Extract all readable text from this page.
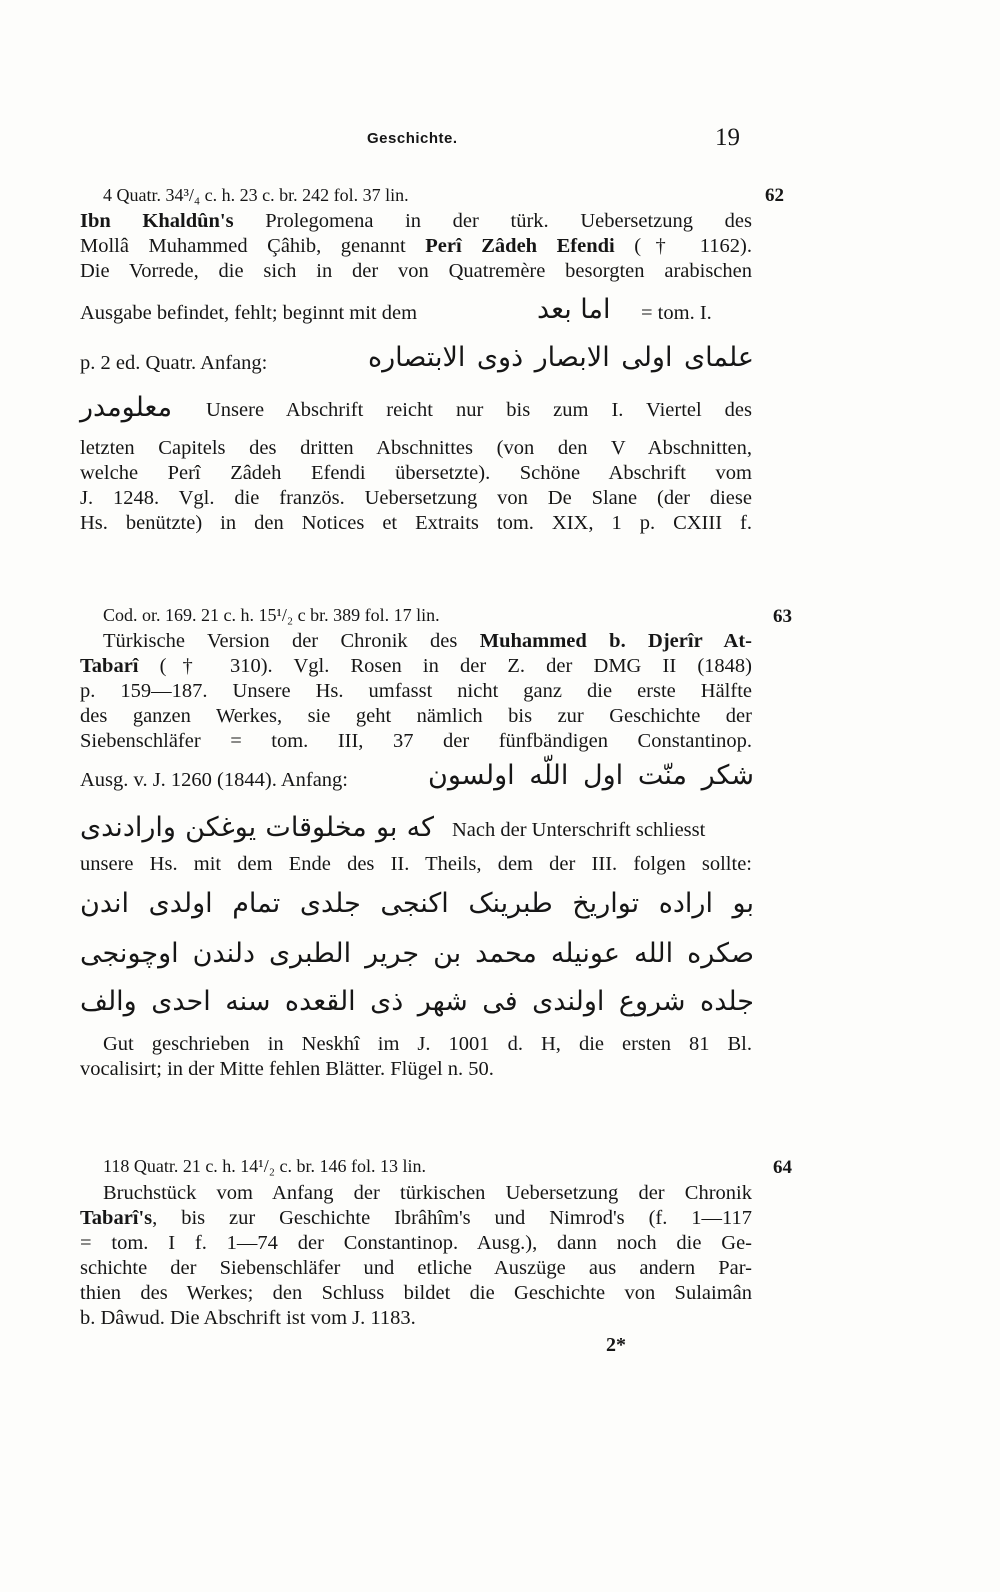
Geschichte.	19
62
4 Quatr. 34³/₄ c. h. 23 c. br. 242 fol. 37 lin.
Ibn Khaldûn's Prolegomena in der türk. Uebersetzung des
Mollâ Muhammed Çâhib, genannt Perî Zâdeh Efendi († 1162).
Die Vorrede, die sich in der von Quatremère besorgten arabischen
Ausgabe befindet, fehlt; beginnt mit dem	اما بعد = tom. I.
p. 2 ed. Quatr. Anfang:	علمای اولی الابصار ذوی الابتصاره
معلومدر Unsere Abschrift reicht nur bis zum I. Viertel des
letzten Capitels des dritten Abschnittes (von den V Abschnitten,
welche Perî Zâdeh Efendi übersetzte). Schöne Abschrift vom
J. 1248. Vgl. die französ. Uebersetzung von De Slane (der diese
Hs. benützte) in den Notices et Extraits tom. XIX, 1 p. CXIII f.
63
Cod. or. 169. 21 c. h. 15¹/₂ c br. 389 fol. 17 lin.
Türkische Version der Chronik des Muhammed b. Djerîr At-
Tabarî († 310). Vgl. Rosen in der Z. der DMG II (1848)
p. 159—187. Unsere Hs. umfasst nicht ganz die erste Hälfte
des ganzen Werkes, sie geht nämlich bis zur Geschichte der
Siebenschläfer = tom. III, 37 der fünfbändigen Constantinop.
Ausg. v. J. 1260 (1844). Anfang:	شکر منّت اول اللّه اولسون
که بو مخلوقات یوغکن وارادندی Nach der Unterschrift schliesst
unsere Hs. mit dem Ende des II. Theils, dem der III. folgen sollte:
بو اراده تواریخ طبرینک اکنجی جلدی تمام اولدی اندن
صکره الله عونیله محمد بن جریر الطبری دلندن اوچونجی
جلده شروع اولندی فی شهر ذی القعده سنه احدی والف
Gut geschrieben in Neskhî im J. 1001 d. H, die ersten 81 Bl.
vocalisirt; in der Mitte fehlen Blätter. Flügel n. 50.
64
118 Quatr. 21 c. h. 14¹/₂ c. br. 146 fol. 13 lin.
Bruchstück vom Anfang der türkischen Uebersetzung der Chronik
Tabarî's, bis zur Geschichte Ibrâhîm's und Nimrod's (f. 1—117
= tom. I f. 1—74 der Constantinop. Ausg.), dann noch die Ge-
schichte der Siebenschläfer und etliche Auszüge aus andern Par-
thien des Werkes; den Schluss bildet die Geschichte von Sulaimân
b. Dâwud. Die Abschrift ist vom J. 1183.
2*
